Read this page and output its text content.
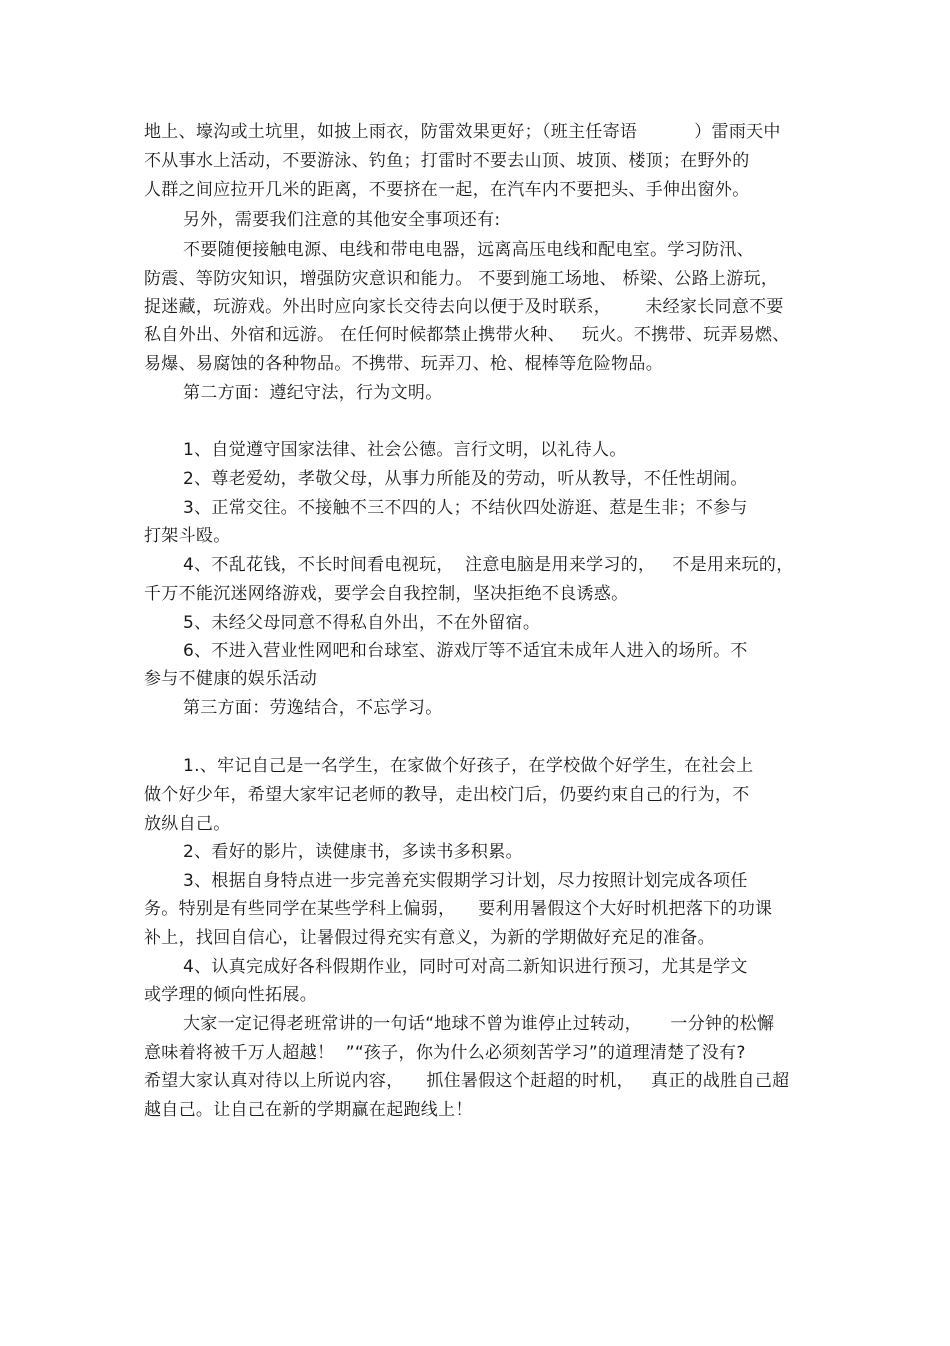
地上、壕沟或土坑里，如披上雨衣，防雷效果更好；（班主任寄语          ）雷雨天中

不从事水上活动，不要游泳、钓鱼；打雷时不要去山顶、坡顶、楼顶；在野外的

人群之间应拉开几米的距离，不要挤在一起，在汽车内不要把头、手伸出窗外。

另外，需要我们注意的其他安全事项还有:

不要随便接触电源、电线和带电电器，远离高压电线和配电室。学习防汛、

防震、等防灾知识，增强防灾意识和能力。 不要到施工场地、 桥梁、公路上游玩，

捉迷藏，玩游戏。外出时应向家长交待去向以便于及时联系，      未经家长同意不要

私自外出、外宿和远游。 在任何时候都禁止携带火种、   玩火。不携带、玩弄易燃、

易爆、易腐蚀的各种物品。不携带、玩弄刀、枪、棍棒等危险物品。

第二方面：遵纪守法，行为文明。

1、自觉遵守国家法律、社会公德。言行文明，以礼待人。

2、尊老爱幼，孝敬父母，从事力所能及的劳动，听从教导，不任性胡闹。

3、正常交往。不接触不三不四的人；不结伙四处游逛、惹是生非；不参与

打架斗殴。

4、不乱花钱，不长时间看电视玩，  注意电脑是用来学习的，   不是用来玩的，

千万不能沉迷网络游戏，要学会自我控制，坚决拒绝不良诱惑。

5、未经父母同意不得私自外出，不在外留宿。

6、不进入营业性网吧和台球室、游戏厅等不适宜未成年人进入的场所。不

参与不健康的娱乐活动

第三方面：劳逸结合，不忘学习。

1.、牢记自己是一名学生，在家做个好孩子，在学校做个好学生，在社会上

做个好少年，希望大家牢记老师的教导，走出校门后，仍要约束自己的行为，不

放纵自己。

2、看好的影片，读健康书，多读书多积累。

3、根据自身特点进一步完善充实假期学习计划，尽力按照计划完成各项任

务。特别是有些同学在某些学科上偏弱，    要利用暑假这个大好时机把落下的功课

补上，找回自信心，让暑假过得充实有意义，为新的学期做好充足的准备。

4、认真完成好各科假期作业，同时可对高二新知识进行预习，尤其是学文

或学理的倾向性拓展。

大家一定记得老班常讲的一句话“地球不曾为谁停止过转动，     一分钟的松懈

意味着将被千万人超越！  ”“孩子，你为什么必须刻苦学习”的道理清楚了没有?

希望大家认真对待以上所说内容，    抓住暑假这个赶超的时机，   真正的战胜自己超

越自己。让自己在新的学期赢在起跑线上！
